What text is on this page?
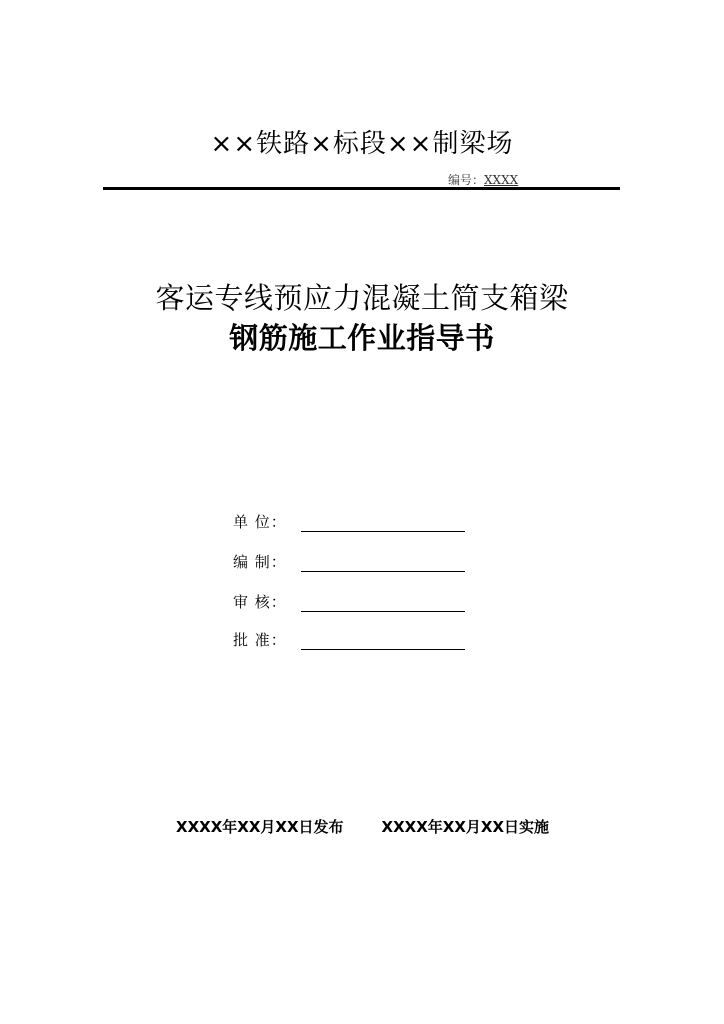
××铁路×标段××制梁场
编号：XXXX
客运专线预应力混凝土简支箱梁
钢筋施工作业指导书
单 位：
编 制：
审 核：
批 准：
XXXX年XX月XX日发布	XXXX年XX月XX日实施
